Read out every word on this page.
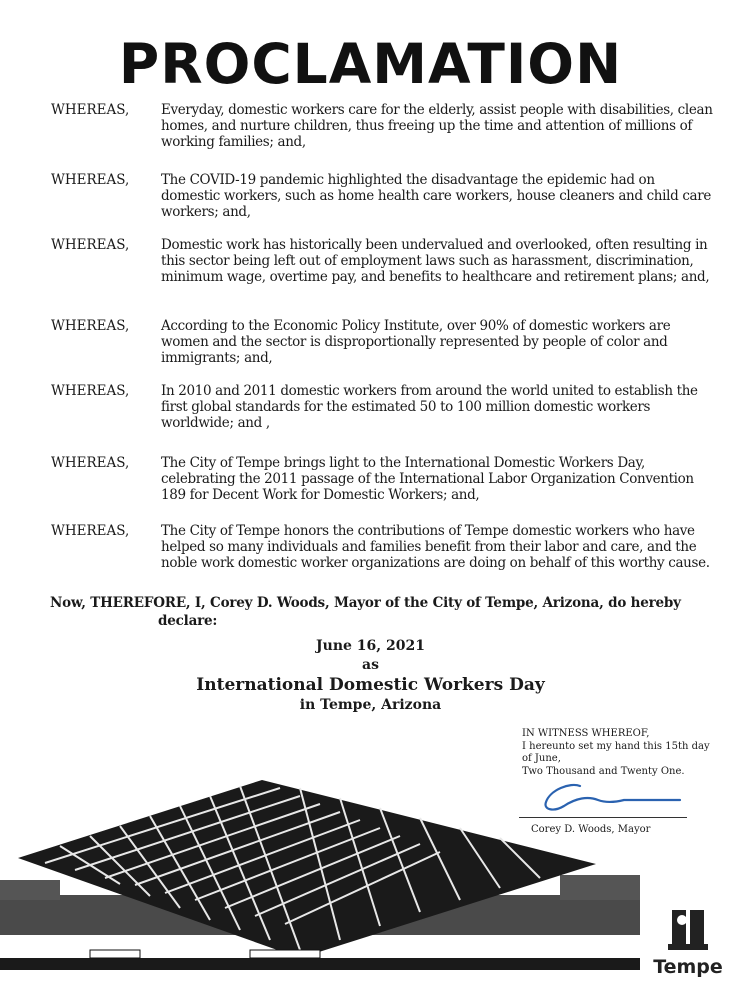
PROCLAMATION
WHEREAS, Everyday, domestic workers care for the elderly, assist people with disabilities, clean homes, and nurture children, thus freeing up the time and attention of millions of working families; and,
WHEREAS, The COVID-19 pandemic highlighted the disadvantage the epidemic had on domestic workers, such as home health care workers, house cleaners and child care workers; and,
WHEREAS, Domestic work has historically been undervalued and overlooked, often resulting in this sector being left out of employment laws such as harassment, discrimination, minimum wage, overtime pay, and benefits to healthcare and retirement plans; and,
WHEREAS, According to the Economic Policy Institute, over 90% of domestic workers are women and the sector is disproportionally represented by people of color and immigrants; and,
WHEREAS, In 2010 and 2011 domestic workers from around the world united to establish the first global standards for the estimated 50 to 100 million domestic workers worldwide; and ,
WHEREAS, The City of Tempe brings light to the International Domestic Workers Day, celebrating the 2011 passage of the International Labor Organization Convention 189 for Decent Work for Domestic Workers; and,
WHEREAS, The City of Tempe honors the contributions of Tempe domestic workers who have helped so many individuals and families benefit from their labor and care, and the noble work domestic worker organizations are doing on behalf of this worthy cause.
Now, THEREFORE, I, Corey D. Woods, Mayor of the City of Tempe, Arizona, do hereby
declare:
June 16, 2021
as
International Domestic Workers Day
in Tempe, Arizona
IN WITNESS WHEREOF,
I hereunto set my hand this 15th day
of June,
Two Thousand and Twenty One.
Corey D. Woods, Mayor
Tempe
